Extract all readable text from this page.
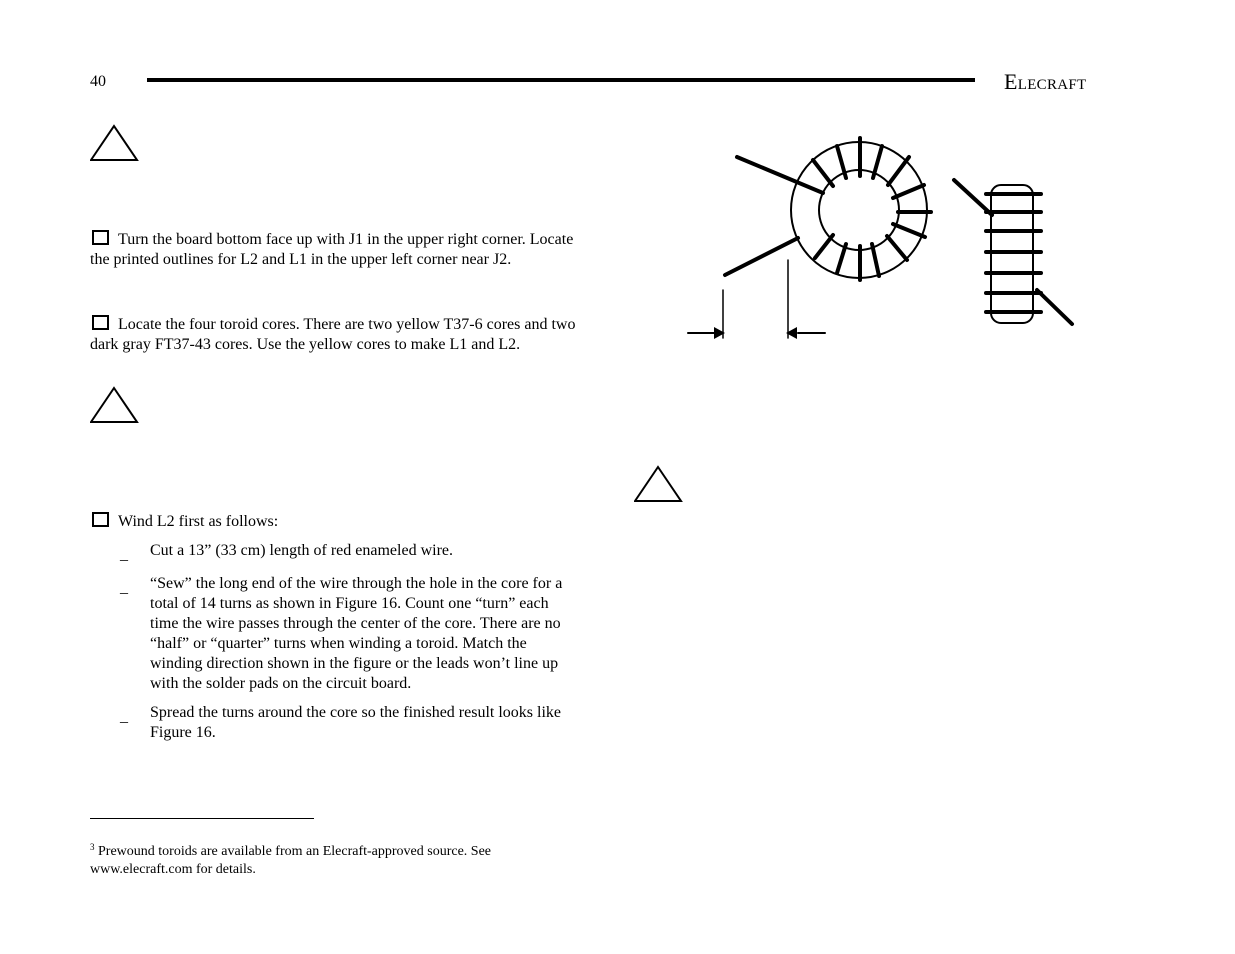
40	Elecraft
Turn the board bottom face up with J1 in the upper right corner. Locate the printed outlines for L2 and L1 in the upper left corner near J2.
Locate the four toroid cores. There are two yellow T37-6 cores and two dark gray FT37-43 cores. Use the yellow cores to make L1 and L2.
Wind L2 first as follows:
_	Cut a 13” (33 cm) length of red enameled wire.
_	“Sew” the long end of the wire through the hole in the core for a total of 14 turns as shown in Figure 16. Count one “turn” each time the wire passes through the center of the core. There are no “half” or “quarter” turns when winding a toroid. Match the winding direction shown in the figure or the leads won’t line up with the solder pads on the circuit board.
_	Spread the turns around the core so the finished result looks like Figure 16.
$^3$ Prewound toroids are available from an Elecraft-approved source. See www.elecraft.com for details.
